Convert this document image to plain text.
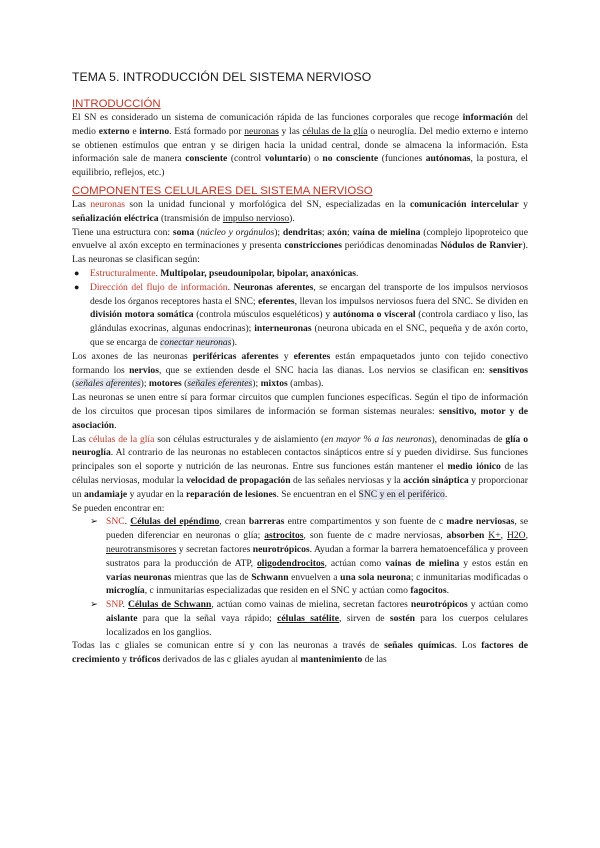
TEMA 5. INTRODUCCIÓN DEL SISTEMA NERVIOSO
INTRODUCCIÓN

El SN es considerado un sistema de comunicación rápida de las funciones corporales que recoge información del medio externo e interno. Está formado por neuronas y las células de la glía o neuroglía. Del medio externo e interno se obtienen estímulos que entran y se dirigen hacia la unidad central, donde se almacena la información. Esta información sale de manera consciente (control voluntario) o no consciente (funciones autónomas, la postura, el equilibrio, reflejos, etc.)

COMPONENTES CELULARES DEL SISTEMA NERVIOSO

Las neuronas son la unidad funcional y morfológica del SN, especializadas en la comunicación intercelular y señalización eléctrica (transmisión de impulso nervioso).

Tiene una estructura con: soma (núcleo y orgánulos); dendritas; axón; vaína de mielina (complejo lipoproteico que envuelve al axón excepto en terminaciones y presenta constricciones periódicas denominadas Nódulos de Ranvier). Las neuronas se clasifican según:

● Estructuralmente. Multipolar, pseudounipolar, bipolar, anaxónicas.
● Dirección del flujo de información. Neuronas aferentes, se encargan del transporte de los impulsos nerviosos desde los órganos receptores hasta el SNC; eferentes, llevan los impulsos nerviosos fuera del SNC. Se dividen en división motora somática (controla músculos esqueléticos) y autónoma o visceral (controla cardiaco y liso, las glándulas exocrinas, algunas endocrinas); interneuronas (neurona ubicada en el SNC, pequeña y de axón corto, que se encarga de conectar neuronas).

Los axones de las neuronas periféricas aferentes y eferentes están empaquetados junto con tejido conectivo formando los nervios, que se extienden desde el SNC hacia las dianas. Los nervios se clasifican en: sensitivos (señales aferentes); motores (señales eferentes); mixtos (ambas).

Las neuronas se unen entre sí para formar circuitos que cumplen funciones específicas. Según el tipo de información de los circuitos que procesan tipos similares de información se forman sistemas neurales: sensitivo, motor y de asociación.

Las células de la glía son células estructurales y de aislamiento (en mayor % a las neuronas), denominadas de glía o neuroglía. Al contrario de las neuronas no establecen contactos sinápticos entre sí y pueden dividirse. Sus funciones principales son el soporte y nutrición de las neuronas. Entre sus funciones están mantener el medio iónico de las células nerviosas, modular la velocidad de propagación de las señales nerviosas y la acción sináptica y proporcionar un andamiaje y ayudar en la reparación de lesiones. Se encuentran en el SNC y en el periférico.

Se pueden encontrar en:

➢ SNC. Células del epéndimo, crean barreras entre compartimentos y son fuente de c madre nerviosas, se pueden diferenciar en neuronas o glía; astrocitos, son fuente de c madre nerviosas, absorben K+, H2O, neurotransmisores y secretan factores neurotrópicos. Ayudan a formar la barrera hematoencefálica y proveen sustratos para la producción de ATP, oligodendrocitos, actúan como vainas de mielina y estos están en varias neuronas mientras que las de Schwann envuelven a una sola neurona; c inmunitarias modificadas o microglía, c inmunitarias especializadas que residen en el SNC y actúan como fagocitos.
➢ SNP. Células de Schwann, actúan como vainas de mielina, secretan factores neurotrópicos y actúan como aislante para que la señal vaya rápido; células satélite, sirven de sostén para los cuerpos celulares localizados en los ganglios.

Todas las c gliales se comunican entre sí y con las neuronas a través de señales químicas. Los factores de crecimiento y tróficos derivados de las c gliales ayudan al mantenimiento de las
